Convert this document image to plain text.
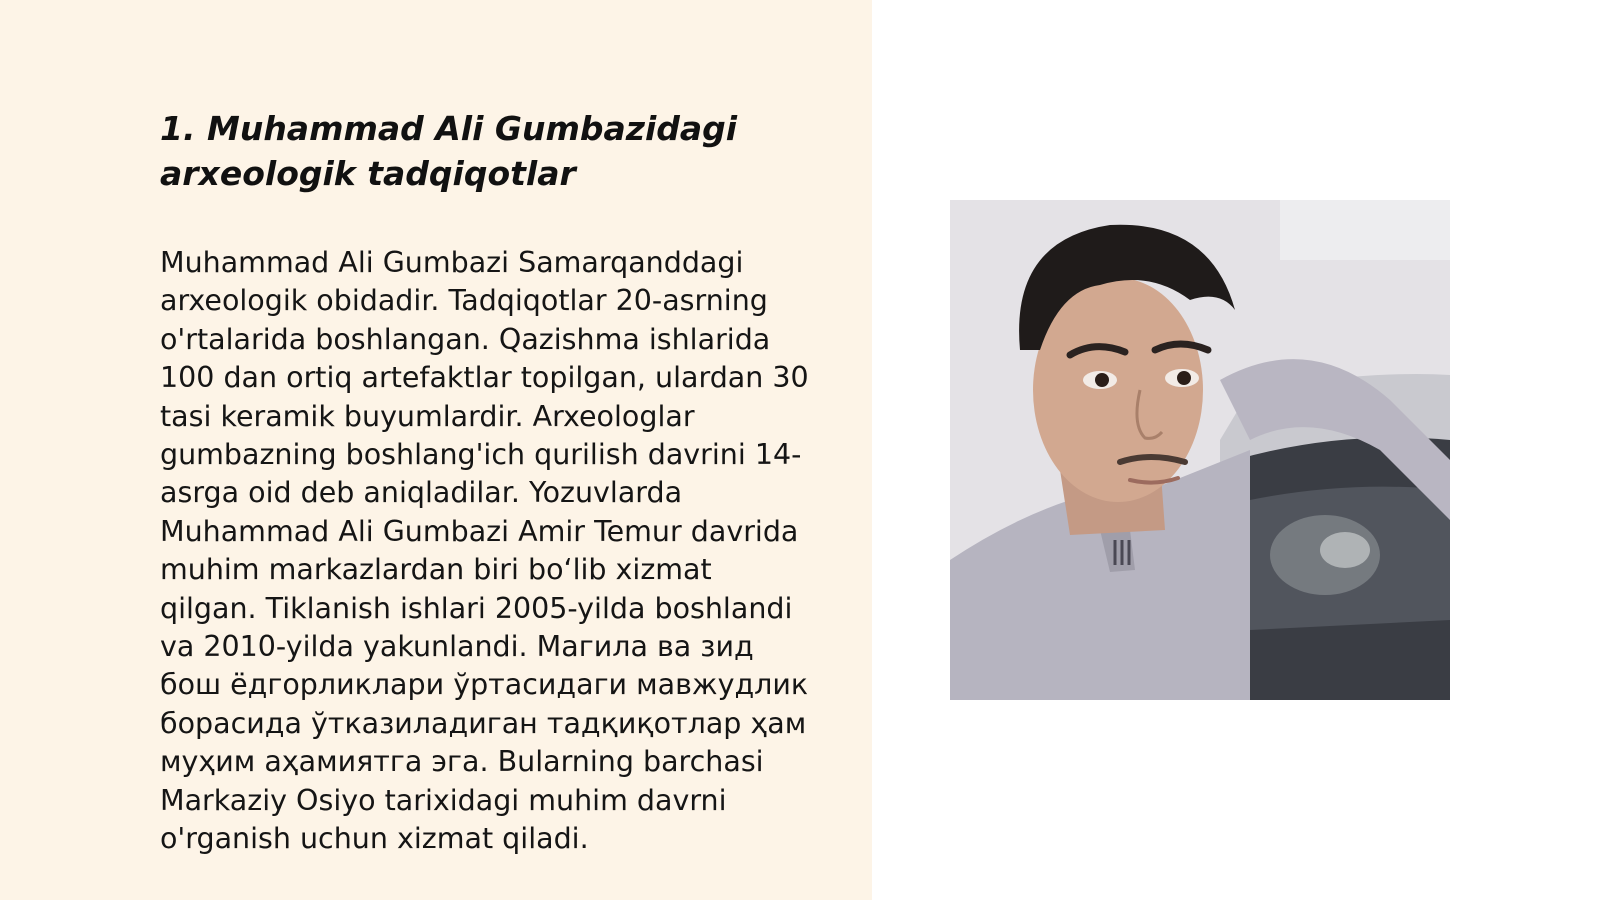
1. Muhammad Ali Gumbazidagi
arxeologik tadqiqotlar

Muhammad Ali Gumbazi Samarqanddagi
arxeologik obidadir. Tadqiqotlar 20-asrning
o'rtalarida boshlangan. Qazishma ishlarida
100 dan ortiq artefaktlar topilgan, ulardan 30
tasi keramik buyumlardir. Arxeologlar
gumbazning boshlang'ich qurilish davrini 14-
asrga oid deb aniqladilar. Yozuvlarda
Muhammad Ali Gumbazi Amir Temur davrida
muhim markazlardan biri bo‘lib xizmat
qilgan. Tiklanish ishlari 2005-yilda boshlandi
va 2010-yilda yakunlandi. Магила ва зид
бош ёдгорликлари ўртасидаги мавжудлик
борасида ўтказиладиган тадқиқотлар ҳам
муҳим аҳамиятга эга. Bularning barchasi
Markaziy Osiyo tarixidagi muhim davrni
o'rganish uchun xizmat qiladi.
